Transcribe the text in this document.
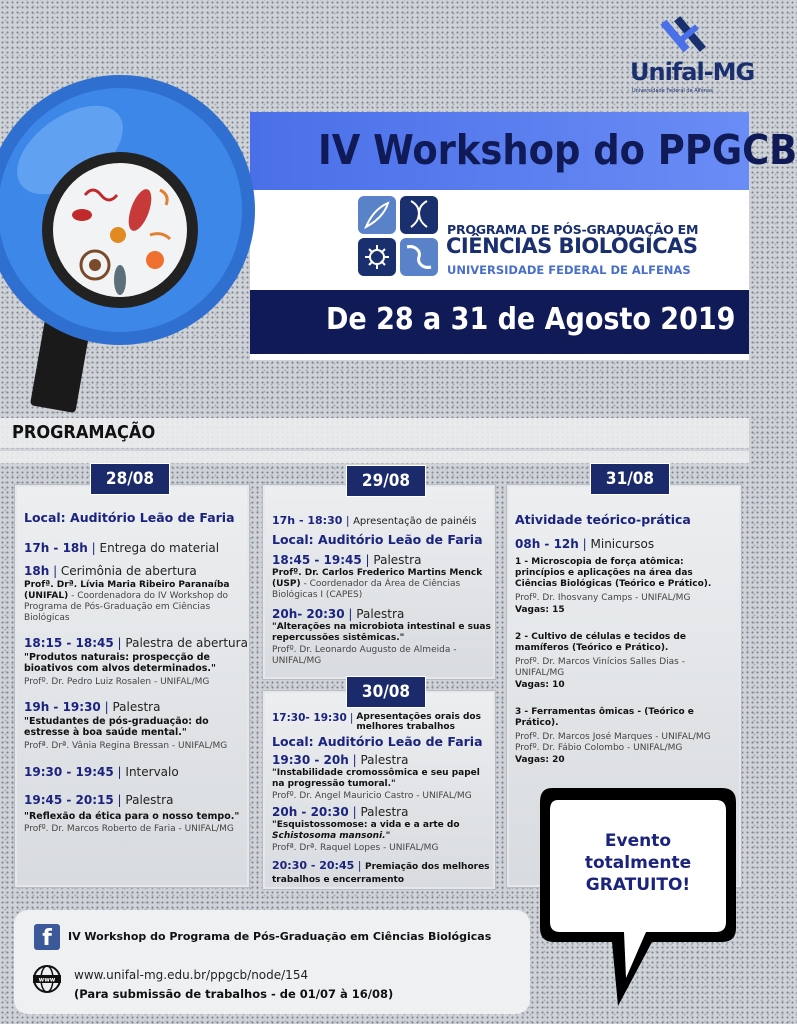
IV Workshop do PPGCB
PROGRAMA DE PÓS-GRADUAÇÃO EM
CIÊNCIAS BIOLÓGICAS
UNIVERSIDADE FEDERAL DE ALFENAS
De 28 a 31 de Agosto 2019
Unifal-MG
Universidade Federal de Alfenas
PROGRAMAÇÃO
28/08
Local: Auditório Leão de Faria
17h - 18h | Entrega do material
18h | Cerimônia de abertura
Profª. Drª. Lívia Maria Ribeiro Paranaíba (UNIFAL) - Coordenadora do IV Workshop do Programa de Pós-Graduação em Ciências Biológicas
18:15 - 18:45 | Palestra de abertura
"Produtos naturais: prospecção de bioativos com alvos determinados."
Profº. Dr. Pedro Luiz Rosalen - UNIFAL/MG
19h - 19:30 | Palestra
"Estudantes de pós-graduação: do estresse à boa saúde mental."
Profª. Drª. Vânia Regina Bressan - UNIFAL/MG
19:30 - 19:45 | Intervalo
19:45 - 20:15 | Palestra
"Reflexão da ética para o nosso tempo."
Profº. Dr. Marcos Roberto de Faria - UNIFAL/MG
29/08
17h - 18:30 | Apresentação de painéis
Local: Auditório Leão de Faria
18:45 - 19:45 | Palestra
Profº. Dr. Carlos Frederico Martins Menck (USP) - Coordenador da Área de Ciências Biológicas I (CAPES)
20h- 20:30 | Palestra
"Alterações na microbiota intestinal e suas repercussões sistêmicas."
Profº. Dr. Leonardo Augusto de Almeida - UNIFAL/MG
30/08
17:30- 19:30 | Apresentações orais dos melhores trabalhos
Local: Auditório Leão de Faria
19:30 - 20h | Palestra
"Instabilidade cromossômica e seu papel na progressão tumoral."
Profº. Dr. Angel Mauricio Castro - UNIFAL/MG
20h - 20:30 | Palestra
"Esquistossomose: a vida e a arte do
Schistosoma mansoni."
Profª. Drª. Raquel Lopes - UNIFAL/MG
20:30 - 20:45 | Premiação dos melhores trabalhos e encerramento
31/08
Atividade teórico-prática
08h - 12h | Minicursos
1 - Microscopia de força atômica: princípios e aplicações na área das Ciências Biológicas (Teórico e Prático).
Profº. Dr. Ihosvany Camps - UNIFAL/MG
Vagas: 15
2 - Cultivo de células e tecidos de mamíferos (Teórico e Prático).
Profº. Dr. Marcos Vinícios Salles Dias - UNIFAL/MG
Vagas: 10
3 - Ferramentas ômicas - (Teórico e Prático).
Profº. Dr. Marcos José Marques - UNIFAL/MG
Profº. Dr. Fábio Colombo - UNIFAL/MG
Vagas: 20
Evento
totalmente
GRATUITO!
f	IV Workshop do Programa de Pós-Graduação em Ciências Biológicas
www www.unifal-mg.edu.br/ppgcb/node/154
(Para submissão de trabalhos - de 01/07 à 16/08)
